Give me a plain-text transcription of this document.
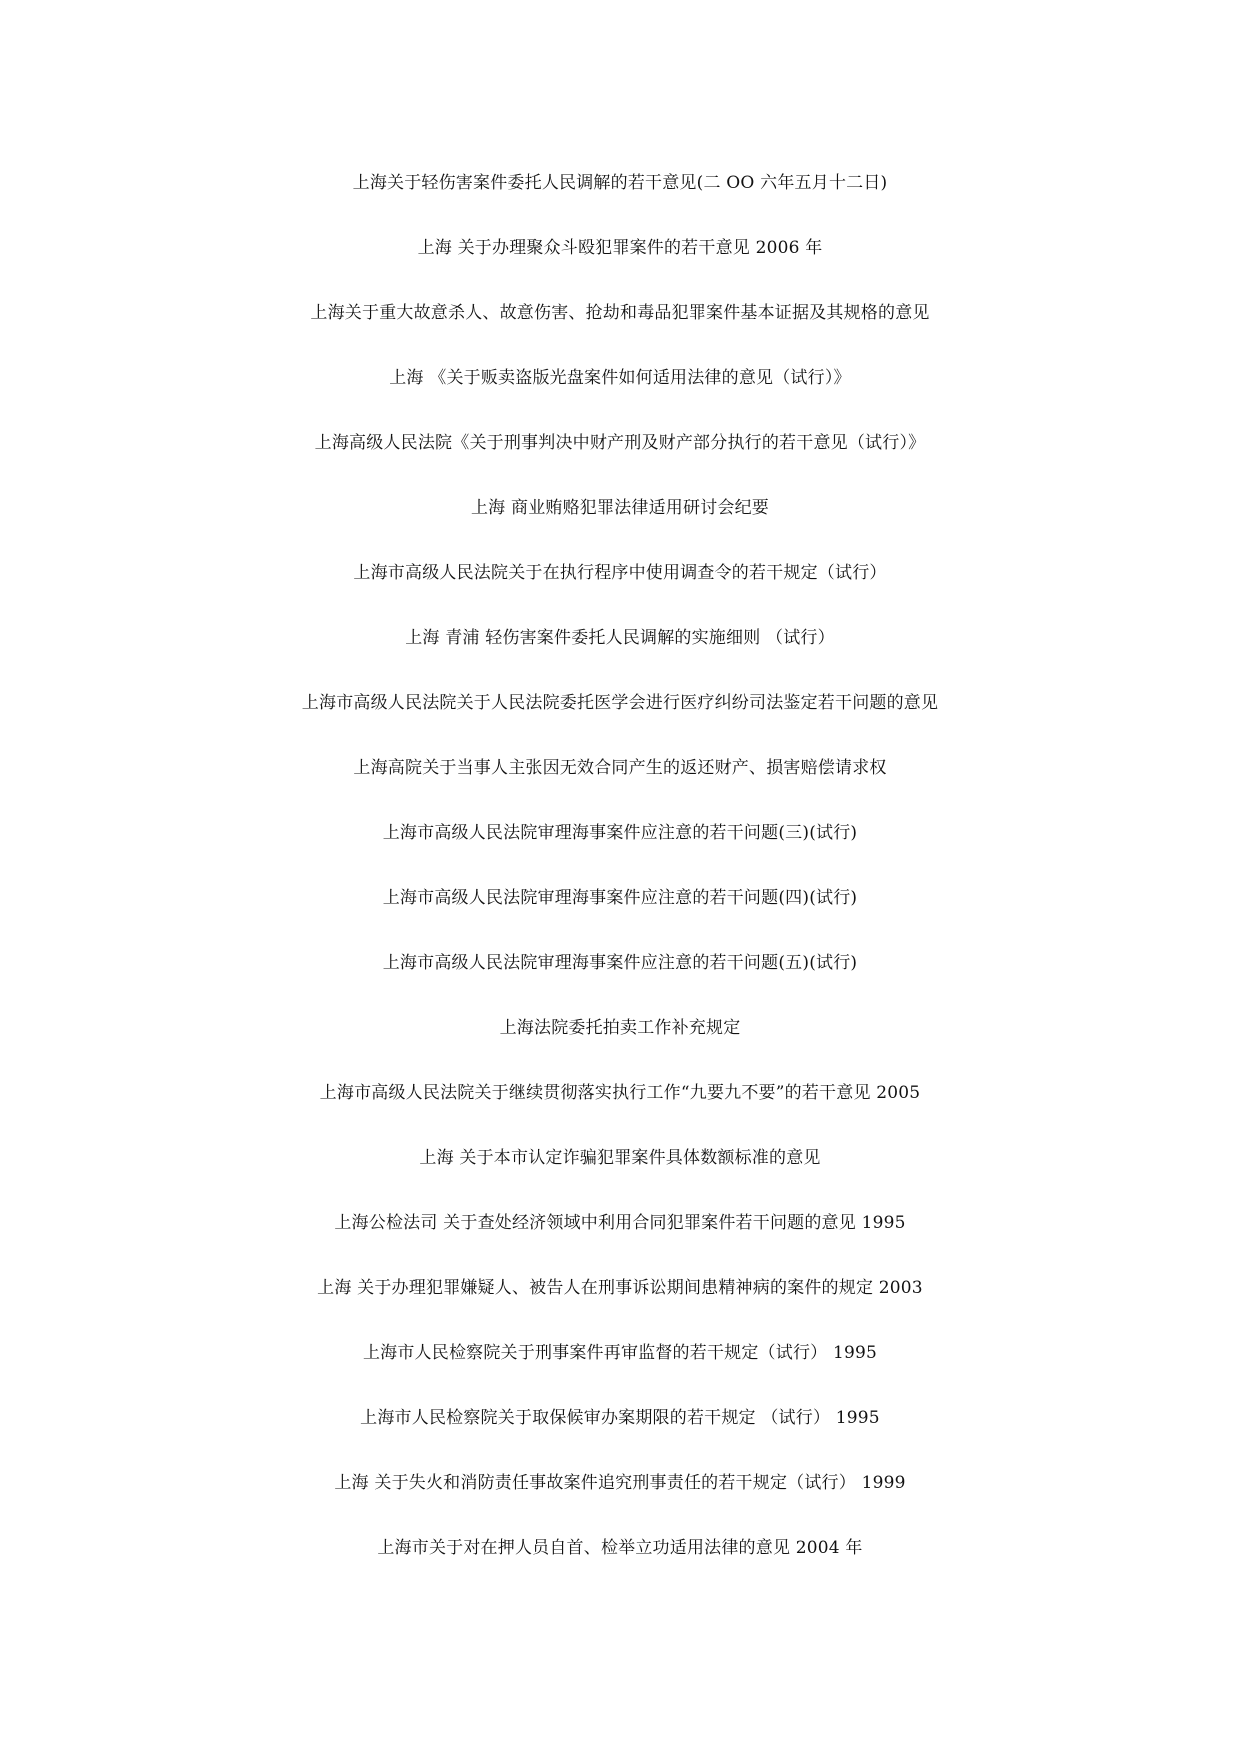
上海关于轻伤害案件委托人民调解的若干意见(二 OO 六年五月十二日)
上海 关于办理聚众斗殴犯罪案件的若干意见 2006 年
上海关于重大故意杀人、故意伤害、抢劫和毒品犯罪案件基本证据及其规格的意见
上海 《关于贩卖盗版光盘案件如何适用法律的意见（试行）》
上海高级人民法院《关于刑事判决中财产刑及财产部分执行的若干意见（试行）》
上海 商业贿赂犯罪法律适用研讨会纪要
上海市高级人民法院关于在执行程序中使用调查令的若干规定（试行）
上海 青浦 轻伤害案件委托人民调解的实施细则 （试行）
上海市高级人民法院关于人民法院委托医学会进行医疗纠纷司法鉴定若干问题的意见
上海高院关于当事人主张因无效合同产生的返还财产、损害赔偿请求权
上海市高级人民法院审理海事案件应注意的若干问题(三)(试行)
上海市高级人民法院审理海事案件应注意的若干问题(四)(试行)
上海市高级人民法院审理海事案件应注意的若干问题(五)(试行)
上海法院委托拍卖工作补充规定
上海市高级人民法院关于继续贯彻落实执行工作“九要九不要”的若干意见 2005
上海 关于本市认定诈骗犯罪案件具体数额标准的意见
上海公检法司 关于查处经济领域中利用合同犯罪案件若干问题的意见 1995
上海 关于办理犯罪嫌疑人、被告人在刑事诉讼期间患精神病的案件的规定 2003
上海市人民检察院关于刑事案件再审监督的若干规定（试行） 1995
上海市人民检察院关于取保候审办案期限的若干规定 （试行） 1995
上海 关于失火和消防责任事故案件追究刑事责任的若干规定（试行） 1999
上海市关于对在押人员自首、检举立功适用法律的意见 2004 年
